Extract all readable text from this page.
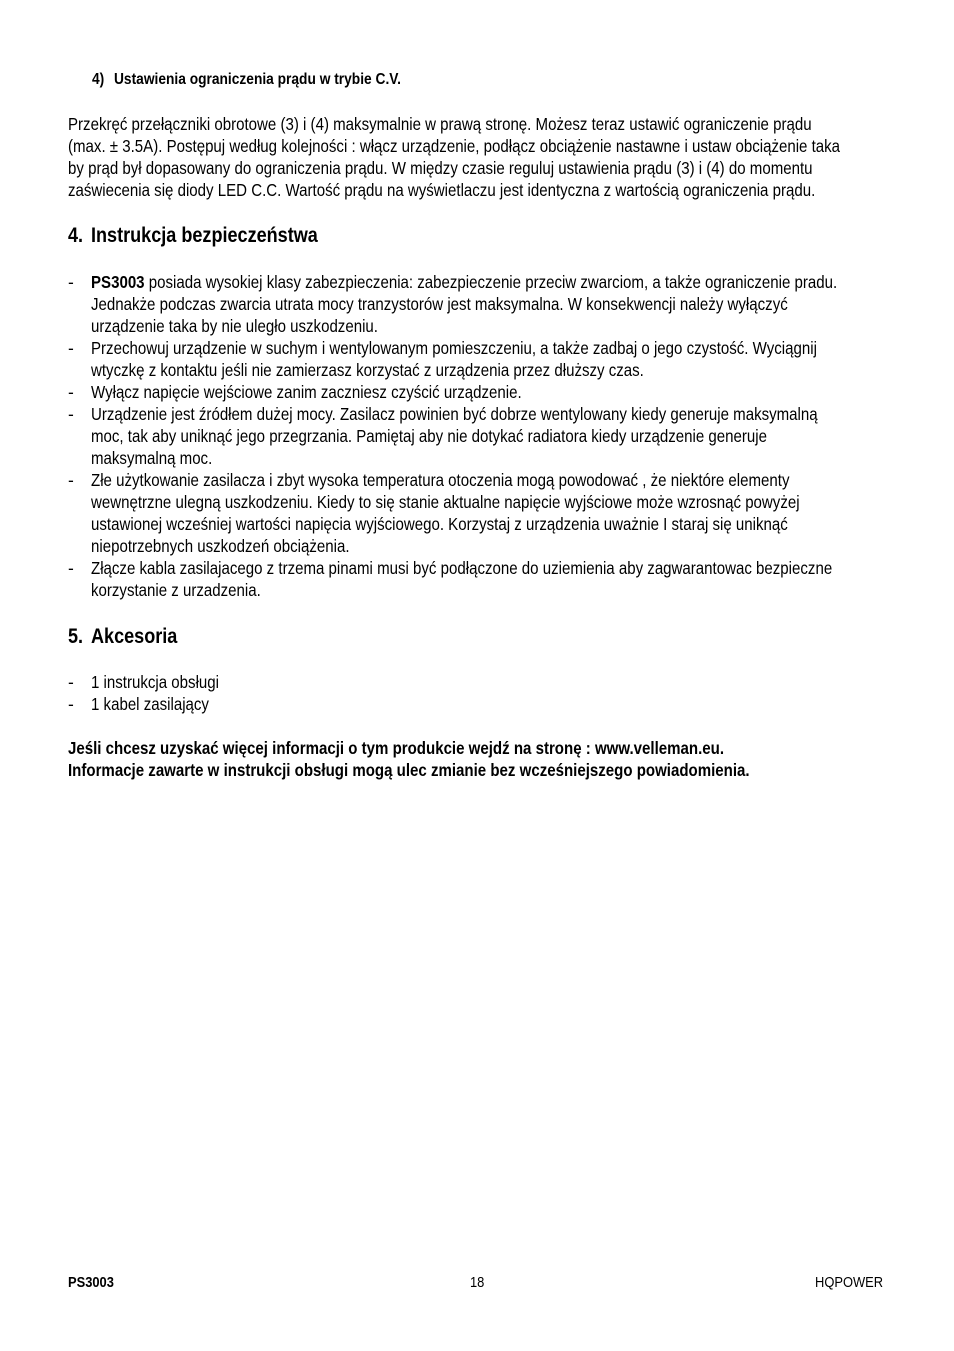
4) Ustawienia ograniczenia prądu w trybie C.V.
Przekręć przełączniki obrotowe (3) i (4) maksymalnie w prawą stronę. Możesz teraz ustawić ograniczenie prądu
(max. ± 3.5A). Postępuj według kolejności : włącz urządzenie, podłącz obciążenie nastawne i ustaw obciążenie taka
by prąd był dopasowany do ograniczenia prądu. W między czasie reguluj ustawienia prądu (3) i (4) do momentu
zaświecenia się diody LED C.C. Wartość prądu na wyświetlaczu jest identyczna z wartością ograniczenia prądu.
4. Instrukcja bezpieczeństwa
- PS3003 posiada wysokiej klasy zabezpieczenia: zabezpieczenie przeciw zwarciom, a także ograniczenie pradu.
Jednakże podczas zwarcia utrata mocy tranzystorów jest maksymalna. W konsekwencji należy wyłączyć
urządzenie taka by nie uległo uszkodzeniu.
- Przechowuj urządzenie w suchym i wentylowanym pomieszczeniu, a także zadbaj o jego czystość. Wyciągnij
wtyczkę z kontaktu jeśli nie zamierzasz korzystać z urządzenia przez dłuższy czas.
- Wyłącz napięcie wejściowe zanim zaczniesz czyścić urządzenie.
- Urządzenie jest źródłem dużej mocy. Zasilacz powinien być dobrze wentylowany kiedy generuje maksymalną
moc, tak aby uniknąć jego przegrzania. Pamiętaj aby nie dotykać radiatora kiedy urządzenie generuje
maksymalną moc.
- Złe użytkowanie zasilacza i zbyt wysoka temperatura otoczenia mogą powodować , że niektóre elementy
wewnętrzne ulegną uszkodzeniu. Kiedy to się stanie aktualne napięcie wyjściowe może wzrosnąć powyżej
ustawionej wcześniej wartości napięcia wyjściowego. Korzystaj z urządzenia uważnie I staraj się uniknąć
niepotrzebnych uszkodzeń obciążenia.
- Złącze kabla zasilajacego z trzema pinami musi być podłączone do uziemienia aby zagwarantowac bezpieczne
korzystanie z urzadzenia.
5. Akcesoria
- 1 instrukcja obsługi
- 1 kabel zasilający
Jeśli chcesz uzyskać więcej informacji o tym produkcie wejdź na stronę : www.velleman.eu.
Informacje zawarte w instrukcji obsługi mogą ulec zmianie bez wcześniejszego powiadomienia.
PS3003	18	HQPOWER
